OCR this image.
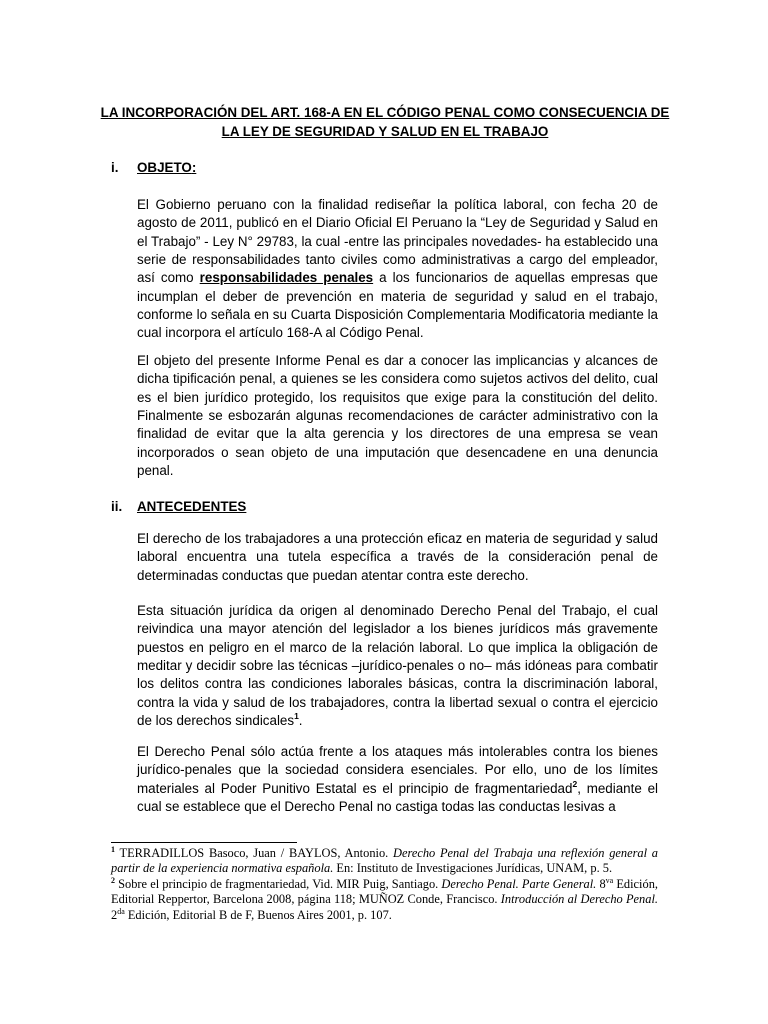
LA INCORPORACIÓN DEL ART. 168-A EN EL CÓDIGO PENAL COMO CONSECUENCIA DE LA LEY DE SEGURIDAD Y SALUD EN EL TRABAJO
i. OBJETO:

El Gobierno peruano con la finalidad rediseñar la política laboral, con fecha 20 de agosto de 2011, publicó en el Diario Oficial El Peruano la “Ley de Seguridad y Salud en el Trabajo” - Ley N° 29783, la cual -entre las principales novedades- ha establecido una serie de responsabilidades tanto civiles como administrativas a cargo del empleador, así como responsabilidades penales a los funcionarios de aquellas empresas que incumplan el deber de prevención en materia de seguridad y salud en el trabajo, conforme lo señala en su Cuarta Disposición Complementaria Modificatoria mediante la cual incorpora el artículo 168-A al Código Penal.

El objeto del presente Informe Penal es dar a conocer las implicancias y alcances de dicha tipificación penal, a quienes se les considera como sujetos activos del delito, cual es el bien jurídico protegido, los requisitos que exige para la constitución del delito. Finalmente se esbozarán algunas recomendaciones de carácter administrativo con la finalidad de evitar que la alta gerencia y los directores de una empresa se vean incorporados o sean objeto de una imputación que desencadene en una denuncia penal.

ii. ANTECEDENTES

El derecho de los trabajadores a una protección eficaz en materia de seguridad y salud laboral encuentra una tutela específica a través de la consideración penal de determinadas conductas que puedan atentar contra este derecho.

Esta situación jurídica da origen al denominado Derecho Penal del Trabajo, el cual reivindica una mayor atención del legislador a los bienes jurídicos más gravemente puestos en peligro en el marco de la relación laboral. Lo que implica la obligación de meditar y decidir sobre las técnicas –jurídico-penales o no– más idóneas para combatir los delitos contra las condiciones laborales básicas, contra la discriminación laboral, contra la vida y salud de los trabajadores, contra la libertad sexual o contra el ejercicio de los derechos sindicales$^1$.

El Derecho Penal sólo actúa frente a los ataques más intolerables contra los bienes jurídico-penales que la sociedad considera esenciales. Por ello, uno de los límites materiales al Poder Punitivo Estatal es el principio de fragmentariedad$^2$, mediante el cual se establece que el Derecho Penal no castiga todas las conductas lesivas a

$^1$ TERRADILLOS Basoco, Juan / BAYLOS, Antonio. Derecho Penal del Trabaja una reflexión general a partir de la experiencia normativa española. En: Instituto de Investigaciones Jurídicas, UNAM, p. 5.

$^2$ Sobre el principio de fragmentariedad, Vid. MIR Puig, Santiago. Derecho Penal. Parte General. $8^{va}$ Edición, Editorial Reppertor, Barcelona 2008, página 118; MUÑOZ Conde, Francisco. Introducción al Derecho Penal. $2^{da}$ Edición, Editorial B de F, Buenos Aires 2001, p. 107.
